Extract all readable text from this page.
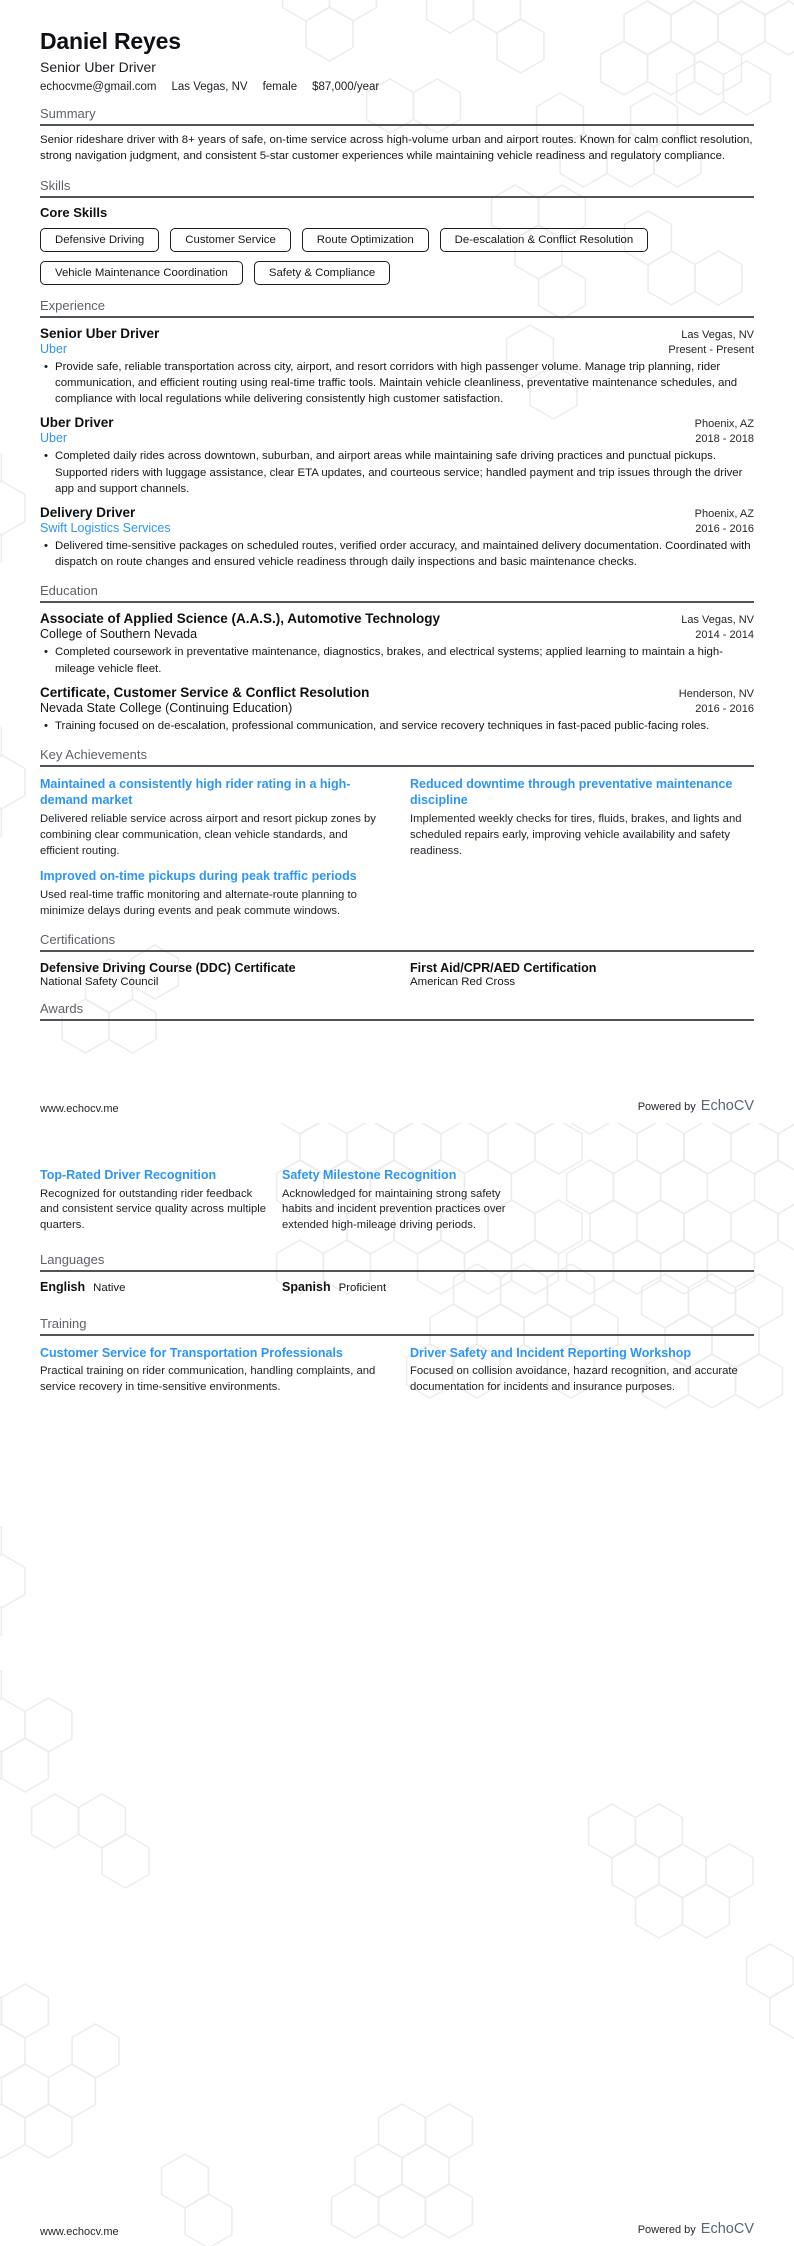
Daniel Reyes
Senior Uber Driver
echocvme@gmail.com Las Vegas, NV female $87,000/year
Summary

Senior rideshare driver with 8+ years of safe, on-time service across high-volume urban and airport routes. Known for calm conflict resolution, strong navigation judgment, and consistent 5-star customer experiences while maintaining vehicle readiness and regulatory compliance.

Skills
Core Skills
Defensive Driving	Customer Service	Route Optimization	De-escalation & Conflict Resolution
Vehicle Maintenance Coordination	Safety & Compliance
Experience
Senior Uber Driver	Las Vegas, NV
Uber	Present - Present
•
Provide safe, reliable transportation across city, airport, and resort corridors with high passenger volume. Manage trip planning, rider communication, and efficient routing using real-time traffic tools. Maintain vehicle cleanliness, preventative maintenance schedules, and compliance with local regulations while delivering consistently high customer satisfaction.
Uber Driver	Phoenix, AZ
Uber	2018 - 2018
•
Completed daily rides across downtown, suburban, and airport areas while maintaining safe driving practices and punctual pickups. Supported riders with luggage assistance, clear ETA updates, and courteous service; handled payment and trip issues through the driver app and support channels.
Delivery Driver	Phoenix, AZ
Swift Logistics Services	2016 - 2016
•
Delivered time-sensitive packages on scheduled routes, verified order accuracy, and maintained delivery documentation. Coordinated with dispatch on route changes and ensured vehicle readiness through daily inspections and basic maintenance checks.
Education
Associate of Applied Science (A.A.S.), Automotive Technology	Las Vegas, NV
College of Southern Nevada	2014 - 2014
•
Completed coursework in preventative maintenance, diagnostics, brakes, and electrical systems; applied learning to maintain a high-mileage vehicle fleet.
Certificate, Customer Service & Conflict Resolution	Henderson, NV
Nevada State College (Continuing Education)	2016 - 2016
•
Training focused on de-escalation, professional communication, and service recovery techniques in fast-paced public-facing roles.
Key Achievements
Maintained a consistently high rider rating in a high-demand market
Delivered reliable service across airport and resort pickup zones by combining clear communication, clean vehicle standards, and efficient routing.
Reduced downtime through preventative maintenance discipline
Implemented weekly checks for tires, fluids, brakes, and lights and scheduled repairs early, improving vehicle availability and safety readiness.
Improved on-time pickups during peak traffic periods
Used real-time traffic monitoring and alternate-route planning to minimize delays during events and peak commute windows.
Certifications
Defensive Driving Course (DDC) Certificate
National Safety Council
First Aid/CPR/AED Certification
American Red Cross
Awards
www.echocv.me	Powered by EchoCV
Top-Rated Driver Recognition
Recognized for outstanding rider feedback and consistent service quality across multiple quarters.
Safety Milestone Recognition
Acknowledged for maintaining strong safety habits and incident prevention practices over extended high-mileage driving periods.
Languages
English Native	Spanish Proficient
Training
Customer Service for Transportation Professionals
Practical training on rider communication, handling complaints, and service recovery in time-sensitive environments.
Driver Safety and Incident Reporting Workshop
Focused on collision avoidance, hazard recognition, and accurate documentation for incidents and insurance purposes.
www.echocv.me	Powered by EchoCV
